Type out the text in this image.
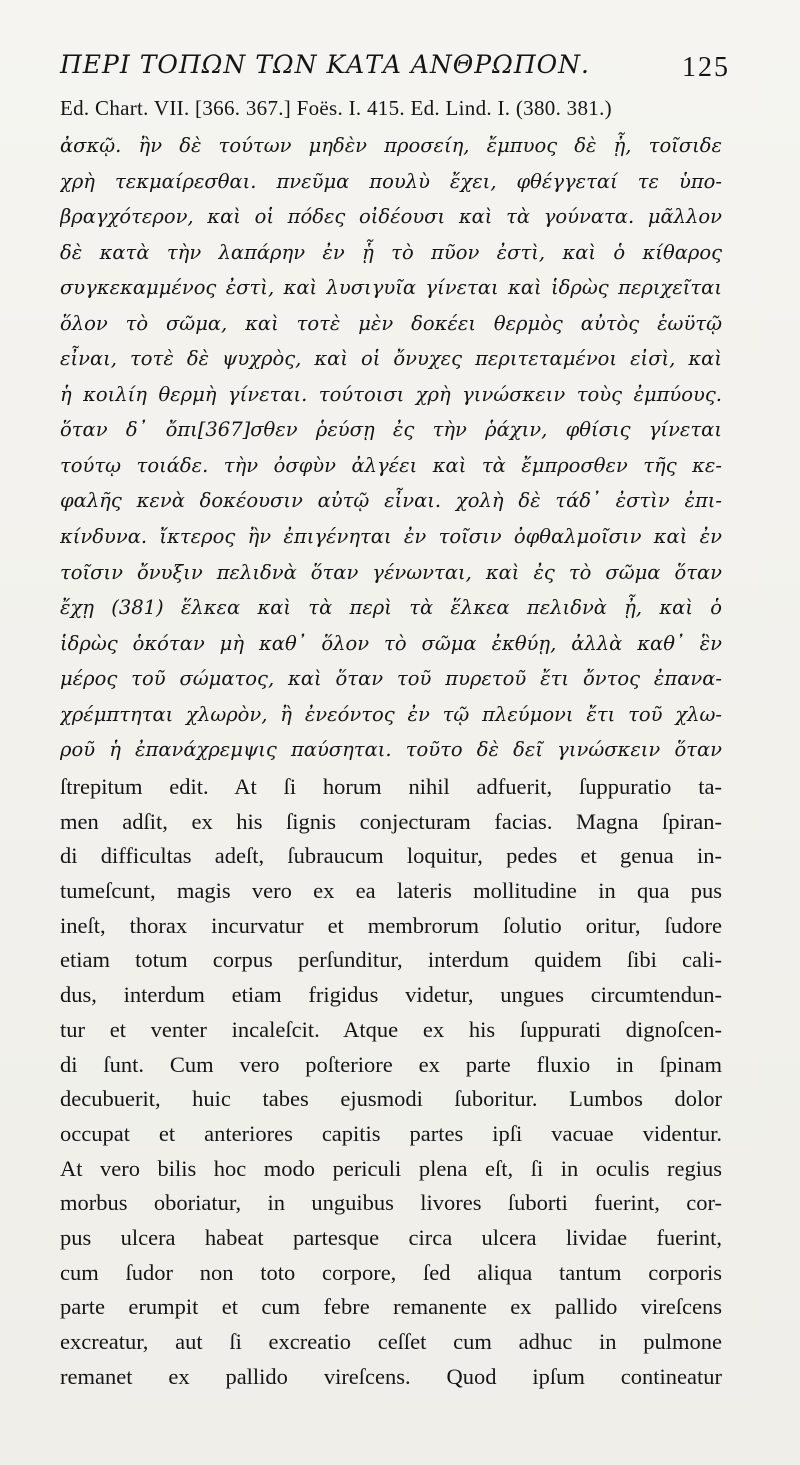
ΠΕΡΙ ΤΟΠΩΝ ΤΩΝ ΚΑΤΑ ΑΝΘΡΩΠΟΝ.	125
Ed. Chart. VII. [366. 367.] Foës. I. 415. Ed. Lind. I. (380. 381.)
ἀσκῷ. ἢν δὲ τούτων μηδὲν προσείη, ἔμπυος δὲ ᾖ, τοῖσιδε
χρὴ τεκμαίρεσθαι. πνεῦμα πουλὺ ἔχει, φθέγγεταί τε ὑπο-
βραγχότερον, καὶ οἱ πόδες οἰδέουσι καὶ τὰ γούνατα. μᾶλλον
δὲ κατὰ τὴν λαπάρην ἐν ᾗ τὸ πῦον ἐστὶ, καὶ ὁ κίθαρος
συγκεκαμμένος ἐστὶ, καὶ λυσιγυῖα γίνεται καὶ ἱδρὼς περιχεῖται
ὅλον τὸ σῶμα, καὶ τοτὲ μὲν δοκέει θερμὸς αὐτὸς ἑωϋτῷ
εἶναι, τοτὲ δὲ ψυχρὸς, καὶ οἱ ὄνυχες περιτεταμένοι εἰσὶ, καὶ
ἡ κοιλίη θερμὴ γίνεται. τούτοισι χρὴ γινώσκειν τοὺς ἐμπύους.
ὅταν δ᾽ ὄπι[367]σθεν ῥεύσῃ ἐς τὴν ῥάχιν, φθίσις γίνεται
τούτῳ τοιάδε. τὴν ὀσφὺν ἀλγέει καὶ τὰ ἔμπροσθεν τῆς κε-
φαλῆς κενὰ δοκέουσιν αὐτῷ εἶναι. χολὴ δὲ τάδ᾽ ἐστὶν ἐπι-
κίνδυνα. ἴκτερος ἢν ἐπιγένηται ἐν τοῖσιν ὀφθαλμοῖσιν καὶ ἐν
τοῖσιν ὄνυξιν πελιδνὰ ὅταν γένωνται, καὶ ἐς τὸ σῶμα ὅταν
ἔχῃ (381) ἕλκεα καὶ τὰ περὶ τὰ ἕλκεα πελιδνὰ ᾖ, καὶ ὁ
ἱδρὼς ὁκόταν μὴ καθ᾽ ὅλον τὸ σῶμα ἐκθύῃ, ἀλλὰ καθ᾽ ἓν
μέρος τοῦ σώματος, καὶ ὅταν τοῦ πυρετοῦ ἔτι ὄντος ἐπανα-
χρέμπτηται χλωρὸν, ἢ ἐνεόντος ἐν τῷ πλεύμονι ἔτι τοῦ χλω-
ροῦ ἡ ἐπανάχρεμψις παύσηται. τοῦτο δὲ δεῖ γινώσκειν ὅταν
ſtrepitum edit. At ſi horum nihil adfuerit, ſuppuratio ta-
men adſit, ex his ſignis conjecturam facias. Magna ſpiran-
di difficultas adeſt, ſubraucum loquitur, pedes et genua in-
tumeſcunt, magis vero ex ea lateris mollitudine in qua pus
ineſt, thorax incurvatur et membrorum ſolutio oritur, ſudore
etiam totum corpus perſunditur, interdum quidem ſibi cali-
dus, interdum etiam frigidus videtur, ungues circumtendun-
tur et venter incaleſcit. Atque ex his ſuppurati dignoſcen-
di ſunt. Cum vero poſteriore ex parte fluxio in ſpinam
decubuerit, huic tabes ejusmodi ſuboritur. Lumbos dolor
occupat et anteriores capitis partes ipſi vacuae videntur.
At vero bilis hoc modo periculi plena eſt, ſi in oculis regius
morbus oboriatur, in unguibus livores ſuborti fuerint, cor-
pus ulcera habeat partesque circa ulcera lividae fuerint,
cum ſudor non toto corpore, ſed aliqua tantum corporis
parte erumpit et cum febre remanente ex pallido vireſcens
excreatur, aut ſi excreatio ceſſet cum adhuc in pulmone
remanet ex pallido vireſcens. Quod ipſum contineatur
